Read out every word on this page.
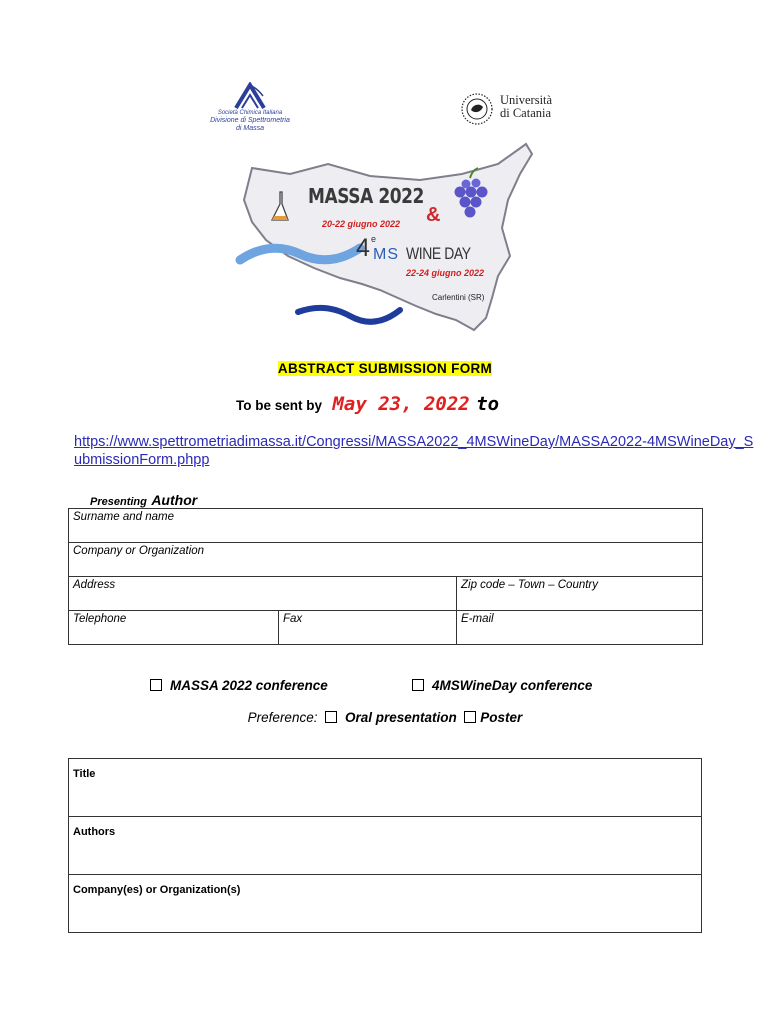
Società Chimica Italiana
Divisione di Spettrometria
di Massa
Università
di Catania
MASSA 2022
20-22 giugno 2022 &
4 e
MS WINE DAY
22-24 giugno 2022
Carlentini (SR)
ABSTRACT SUBMISSION FORM
To be sent by May 23, 2022 to
https://www.spettrometriadimassa.it/Congressi/MASSA2022_4MSWineDay/MASSA2022-4MSWineDay_SubmissionForm.phpp
Presenting Author
Surname and name		
Company or Organization		
Address		Zip code – Town – Country
Telephone	Fax	E-mail
MASSA 2022 conference	4MSWineDay conference
Preference: Oral presentation Poster
Title
Authors
Company(es) or Organization(s)
